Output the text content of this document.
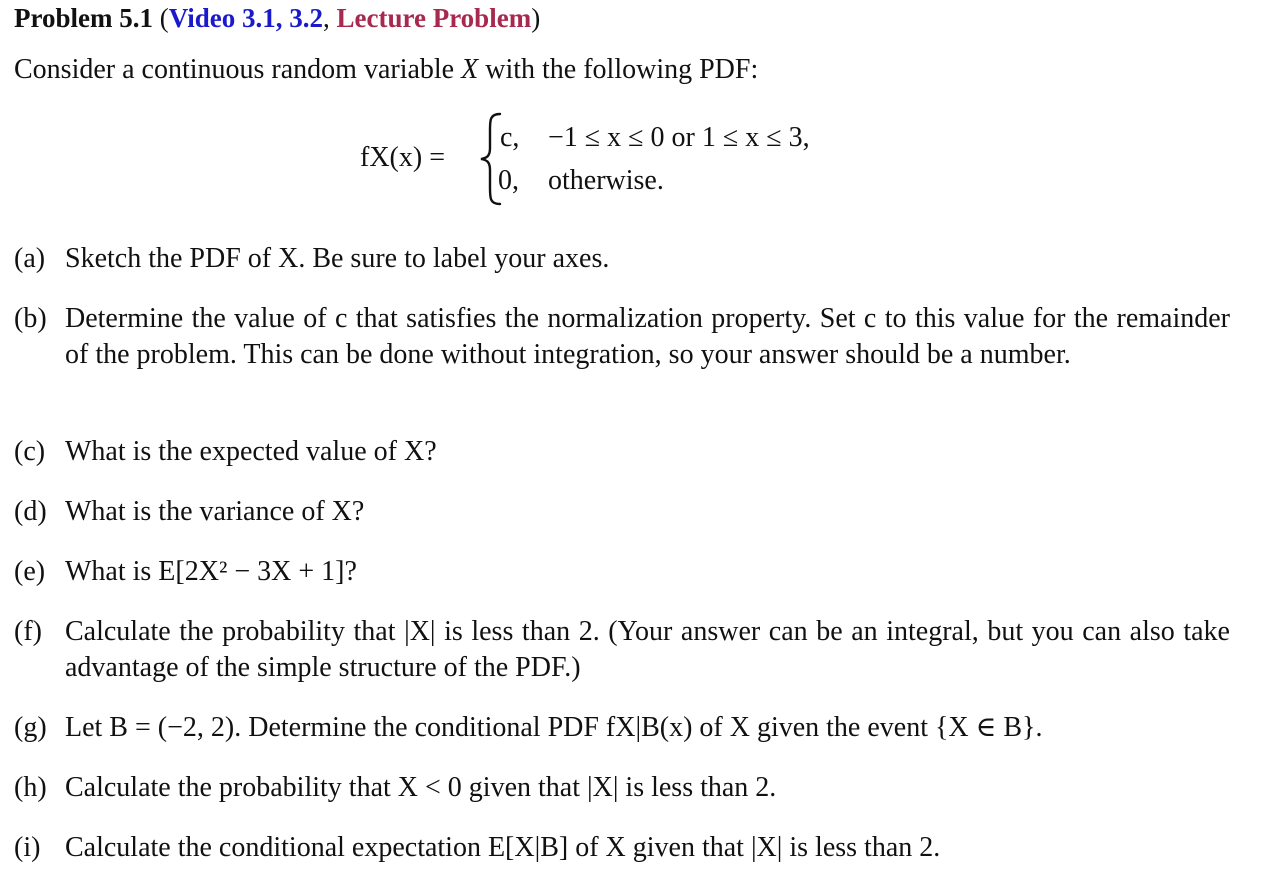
Problem 5.1 (Video 3.1, 3.2, Lecture Problem)
Consider a continuous random variable X with the following PDF:
fX(x) =
c, −1 ≤ x ≤ 0 or 1 ≤ x ≤ 3,
0, otherwise.
(a) Sketch the PDF of X. Be sure to label your axes.
(b) Determine the value of c that satisfies the normalization property. Set c to this value for the remainder of the problem. This can be done without integration, so your answer should be a number.
(c) What is the expected value of X?
(d) What is the variance of X?
(e) What is E[2X² − 3X + 1]?
(f) Calculate the probability that |X| is less than 2. (Your answer can be an integral, but you can also take advantage of the simple structure of the PDF.)
(g) Let B = (−2, 2). Determine the conditional PDF fX|B(x) of X given the event {X ∈ B}.
(h) Calculate the probability that X < 0 given that |X| is less than 2.
(i) Calculate the conditional expectation E[X|B] of X given that |X| is less than 2.
